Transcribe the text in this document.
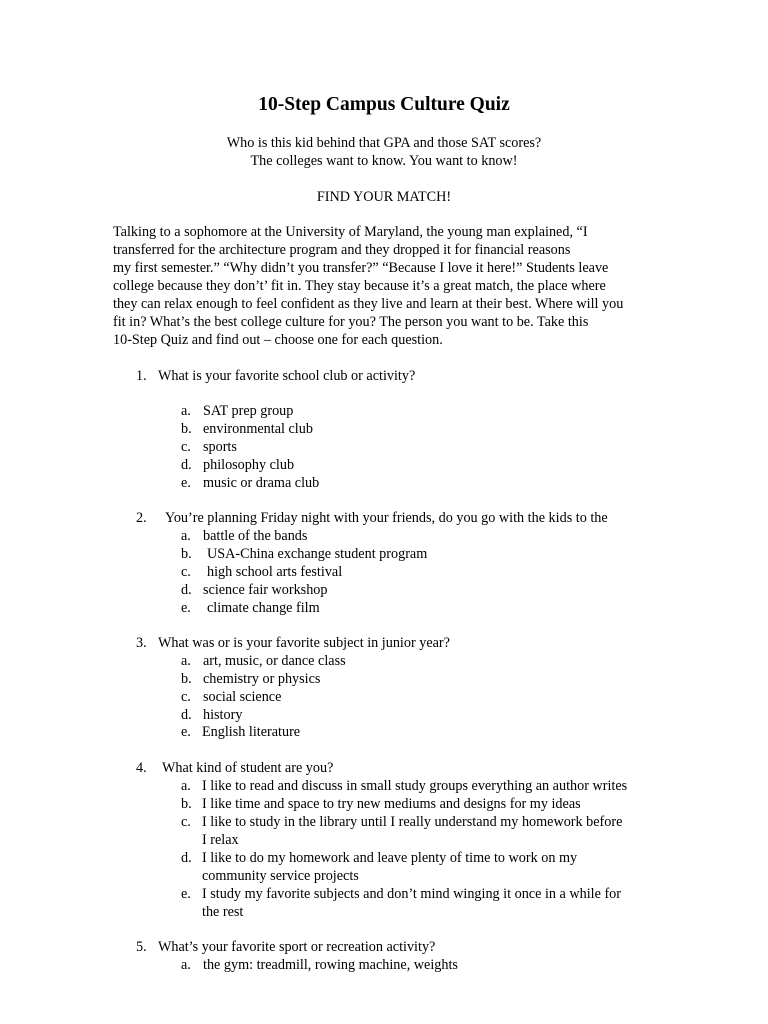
10-Step Campus Culture Quiz
Who is this kid behind that GPA and those SAT scores?
The colleges want to know. You want to know!
FIND YOUR MATCH!
Talking to a sophomore at the University of Maryland, the young man explained, “I
transferred for the architecture program and they dropped it for financial reasons
my first semester.” “Why didn’t you transfer?” “Because I love it here!” Students leave
college because they don’t’ fit in. They stay because it’s a great match, the place where
they can relax enough to feel confident as they live and learn at their best. Where will you
fit in? What’s the best college culture for you? The person you want to be. Take this
10-Step Quiz and find out – choose one for each question.
1. What is your favorite school club or activity?
a. SAT prep group
b. environmental club
c. sports
d. philosophy club
e. music or drama club
2. You’re planning Friday night with your friends, do you go with the kids to the
a. battle of the bands
b. USA-China exchange student program
c. high school arts festival
d. science fair workshop
e. climate change film
3. What was or is your favorite subject in junior year?
a. art, music, or dance class
b. chemistry or physics
c. social science
d. history
e. English literature
4. What kind of student are you?
a. I like to read and discuss in small study groups everything an author writes
b. I like time and space to try new mediums and designs for my ideas
c. I like to study in the library until I really understand my homework before
I relax
d. I like to do my homework and leave plenty of time to work on my
community service projects
e. I study my favorite subjects and don’t mind winging it once in a while for
the rest
5. What’s your favorite sport or recreation activity?
a. the gym: treadmill, rowing machine, weights
